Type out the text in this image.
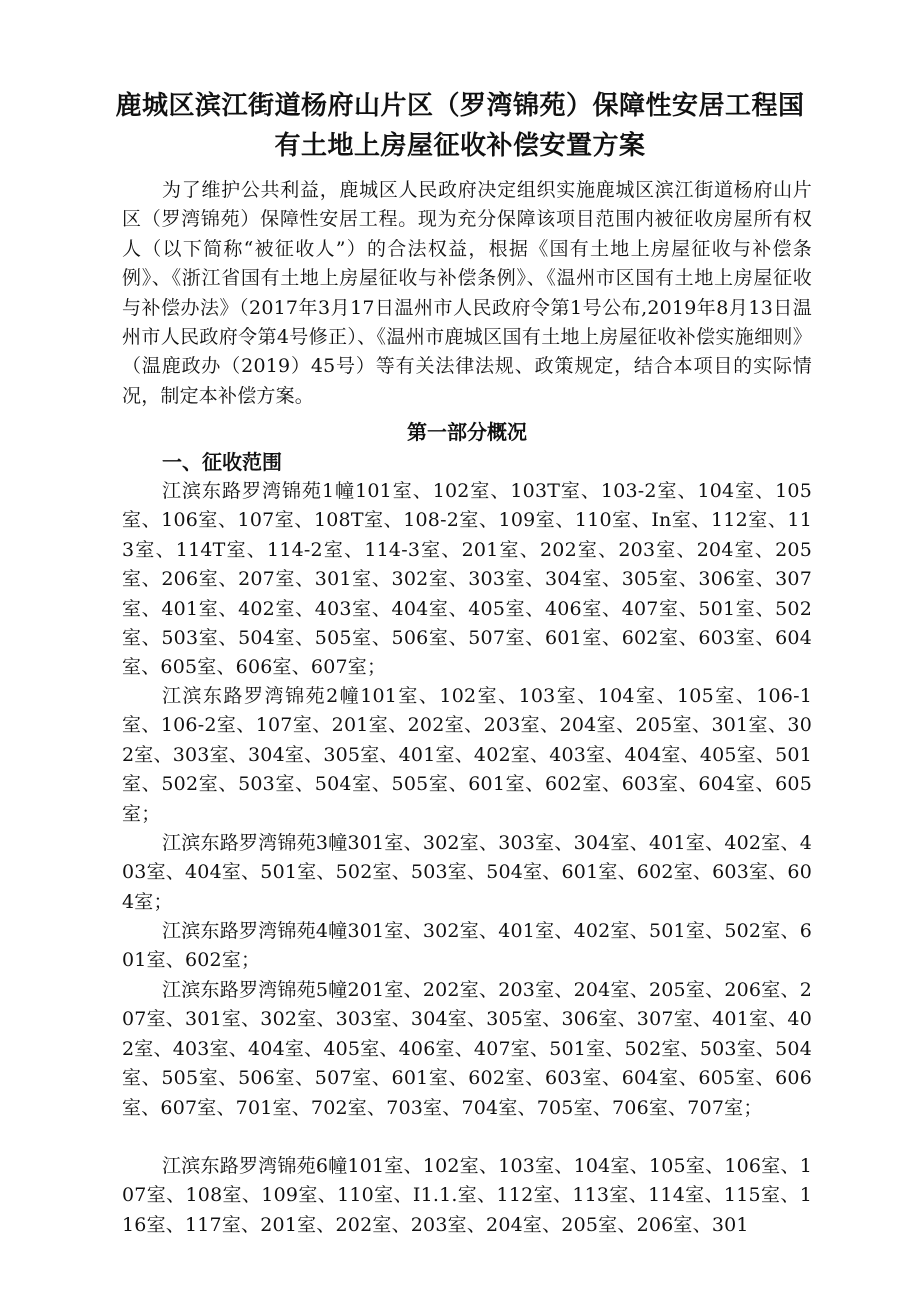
鹿城区滨江街道杨府山片区（罗湾锦苑）保障性安居工程国
有土地上房屋征收补偿安置方案
为了维护公共利益，鹿城区人民政府决定组织实施鹿城区滨江街道杨府山片区（罗湾锦苑）保障性安居工程。现为充分保障该项目范围内被征收房屋所有权人（以下简称“被征收人”）的合法权益，根据《国有土地上房屋征收与补偿条例》、《浙江省国有土地上房屋征收与补偿条例》、《温州市区国有土地上房屋征收与补偿办法》（2017年3月17日温州市人民政府令第1号公布,2019年8月13日温州市人民政府令第4号修正）、《温州市鹿城区国有土地上房屋征收补偿实施细则》（温鹿政办（2019）45号）等有关法律法规、政策规定，结合本项目的实际情况，制定本补偿方案。
第一部分概况
一、征收范围
江滨东路罗湾锦苑1幢101室、102室、103T室、103-2室、104室、105室、106室、107室、108T室、108-2室、109室、110室、In室、112室、113室、114T室、114-2室、114-3室、201室、202室、203室、204室、205室、206室、207室、301室、302室、303室、304室、305室、306室、307室、401室、402室、403室、404室、405室、406室、407室、501室、502室、503室、504室、505室、506室、507室、601室、602室、603室、604室、605室、606室、607室；
江滨东路罗湾锦苑2幢101室、102室、103室、104室、105室、106-1室、106-2室、107室、201室、202室、203室、204室、205室、301室、302室、303室、304室、305室、401室、402室、403室、404室、405室、501室、502室、503室、504室、505室、601室、602室、603室、604室、605室；
江滨东路罗湾锦苑3幢301室、302室、303室、304室、401室、402室、403室、404室、501室、502室、503室、504室、601室、602室、603室、604室；
江滨东路罗湾锦苑4幢301室、302室、401室、402室、501室、502室、601室、602室；
江滨东路罗湾锦苑5幢201室、202室、203室、204室、205室、206室、207室、301室、302室、303室、304室、305室、306室、307室、401室、402室、403室、404室、405室、406室、407室、501室、502室、503室、504室、505室、506室、507室、601室、602室、603室、604室、605室、606室、607室、701室、702室、703室、704室、705室、706室、707室；
江滨东路罗湾锦苑6幢101室、102室、103室、104室、105室、106室、107室、108室、109室、110室、I1.1.室、112室、113室、114室、115室、116室、117室、201室、202室、203室、204室、205室、206室、301
